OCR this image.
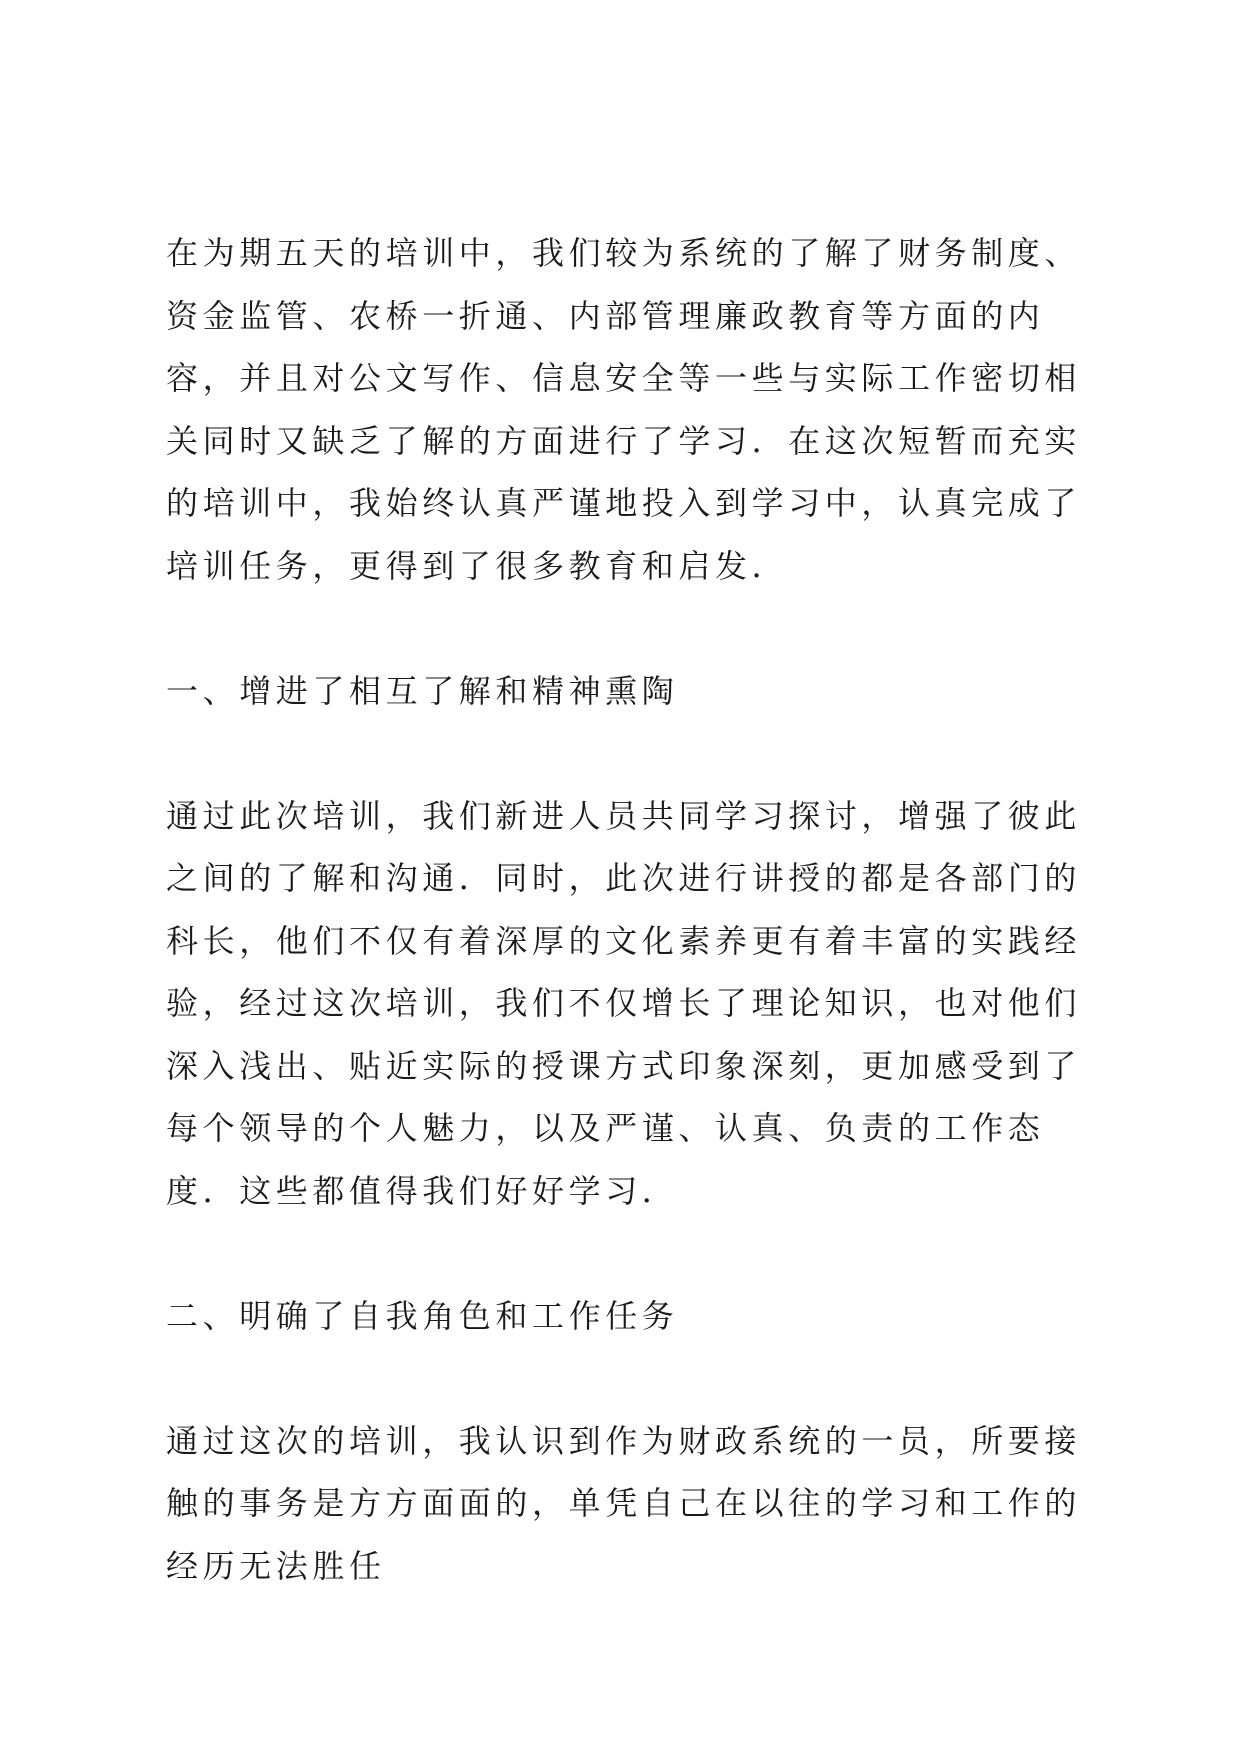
在为期五天的培训中，我们较为系统的了解了财务制度、资金监管、农桥一折通、内部管理廉政教育等方面的内容，并且对公文写作、信息安全等一些与实际工作密切相关同时又缺乏了解的方面进行了学习．在这次短暂而充实的培训中，我始终认真严谨地投入到学习中，认真完成了培训任务，更得到了很多教育和启发．

一、增进了相互了解和精神熏陶

通过此次培训，我们新进人员共同学习探讨，增强了彼此之间的了解和沟通．同时，此次进行讲授的都是各部门的科长，他们不仅有着深厚的文化素养更有着丰富的实践经验，经过这次培训，我们不仅增长了理论知识，也对他们深入浅出、贴近实际的授课方式印象深刻，更加感受到了每个领导的个人魅力，以及严谨、认真、负责的工作态度．这些都值得我们好好学习．

二、明确了自我角色和工作任务

通过这次的培训，我认识到作为财政系统的一员，所要接触的事务是方方面面的，单凭自己在以往的学习和工作的经历无法胜任
